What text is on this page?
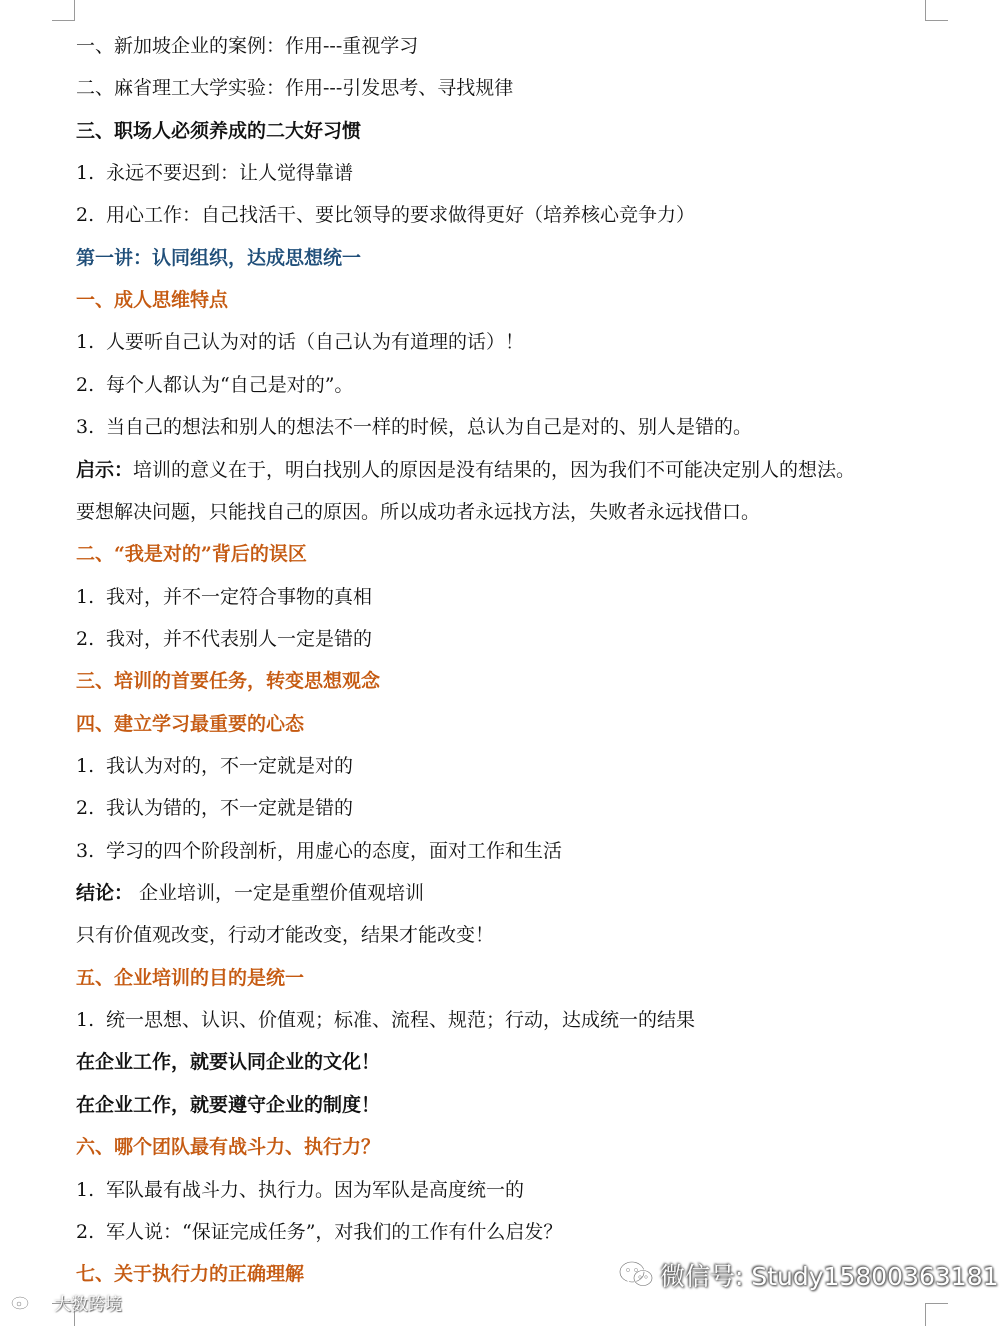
一、新加坡企业的案例：作用---重视学习
二、麻省理工大学实验：作用---引发思考、寻找规律
三、职场人必须养成的二大好习惯
1. 永远不要迟到：让人觉得靠谱
2. 用心工作：自己找活干、要比领导的要求做得更好（培养核心竞争力）
第一讲：认同组织，达成思想统一
一、成人思维特点
1. 人要听自己认为对的话（自己认为有道理的话）！
2. 每个人都认为“自己是对的”。
3. 当自己的想法和别人的想法不一样的时候，总认为自己是对的、别人是错的。
启示：培训的意义在于，明白找别人的原因是没有结果的，因为我们不可能决定别人的想法。
要想解决问题，只能找自己的原因。所以成功者永远找方法，失败者永远找借口。
二、“我是对的”背后的误区
1. 我对，并不一定符合事物的真相
2. 我对，并不代表别人一定是错的
三、培训的首要任务，转变思想观念
四、建立学习最重要的心态
1. 我认为对的，不一定就是对的
2. 我认为错的，不一定就是错的
3. 学习的四个阶段剖析，用虚心的态度，面对工作和生活
结论： 企业培训，一定是重塑价值观培训
只有价值观改变，行动才能改变，结果才能改变！
五、企业培训的目的是统一
1. 统一思想、认识、价值观；标准、流程、规范；行动，达成统一的结果
在企业工作，就要认同企业的文化！
在企业工作，就要遵守企业的制度！
六、哪个团队最有战斗力、执行力？
1. 军队最有战斗力、执行力。因为军队是高度统一的
2. 军人说：“保证完成任务”，对我们的工作有什么启发？
七、关于执行力的正确理解	微信号: Study15800363181
大数跨境
